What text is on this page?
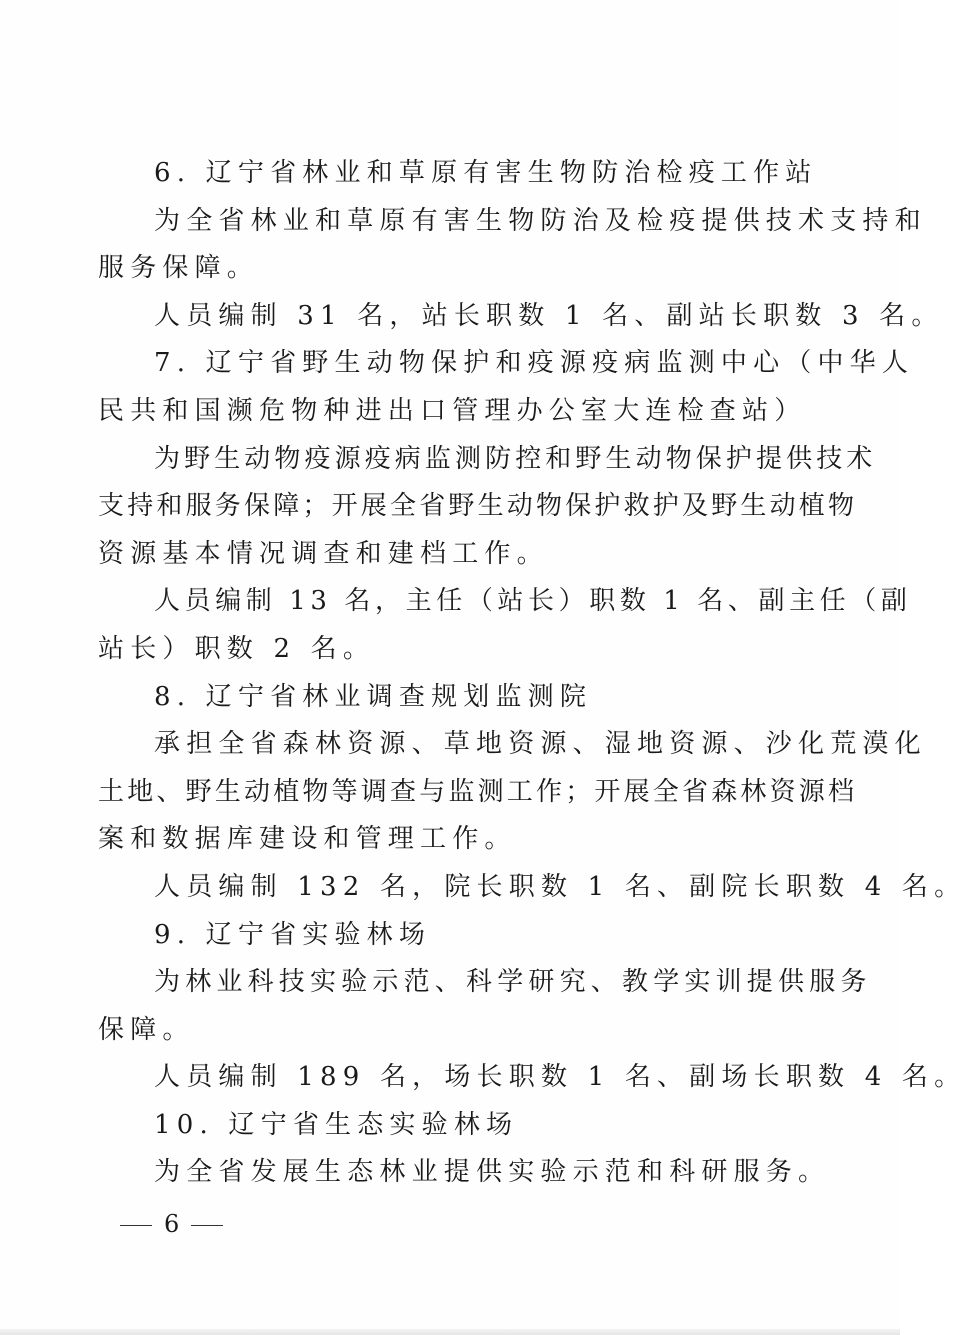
6. 辽宁省林业和草原有害生物防治检疫工作站
为全省林业和草原有害生物防治及检疫提供技术支持和
服务保障。
人员编制 31 名，站长职数 1 名、副站长职数 3 名。
7. 辽宁省野生动物保护和疫源疫病监测中心（中华人
民共和国濒危物种进出口管理办公室大连检查站）
为野生动物疫源疫病监测防控和野生动物保护提供技术
支持和服务保障；开展全省野生动物保护救护及野生动植物
资源基本情况调查和建档工作。
人员编制 13 名，主任（站长）职数 1 名、副主任（副
站长）职数 2 名。
8. 辽宁省林业调查规划监测院
承担全省森林资源、草地资源、湿地资源、沙化荒漠化
土地、野生动植物等调查与监测工作；开展全省森林资源档
案和数据库建设和管理工作。
人员编制 132 名，院长职数 1 名、副院长职数 4 名。
9. 辽宁省实验林场
为林业科技实验示范、科学研究、教学实训提供服务
保障。
人员编制 189 名，场长职数 1 名、副场长职数 4 名。
10. 辽宁省生态实验林场
为全省发展生态林业提供实验示范和科研服务。
6
